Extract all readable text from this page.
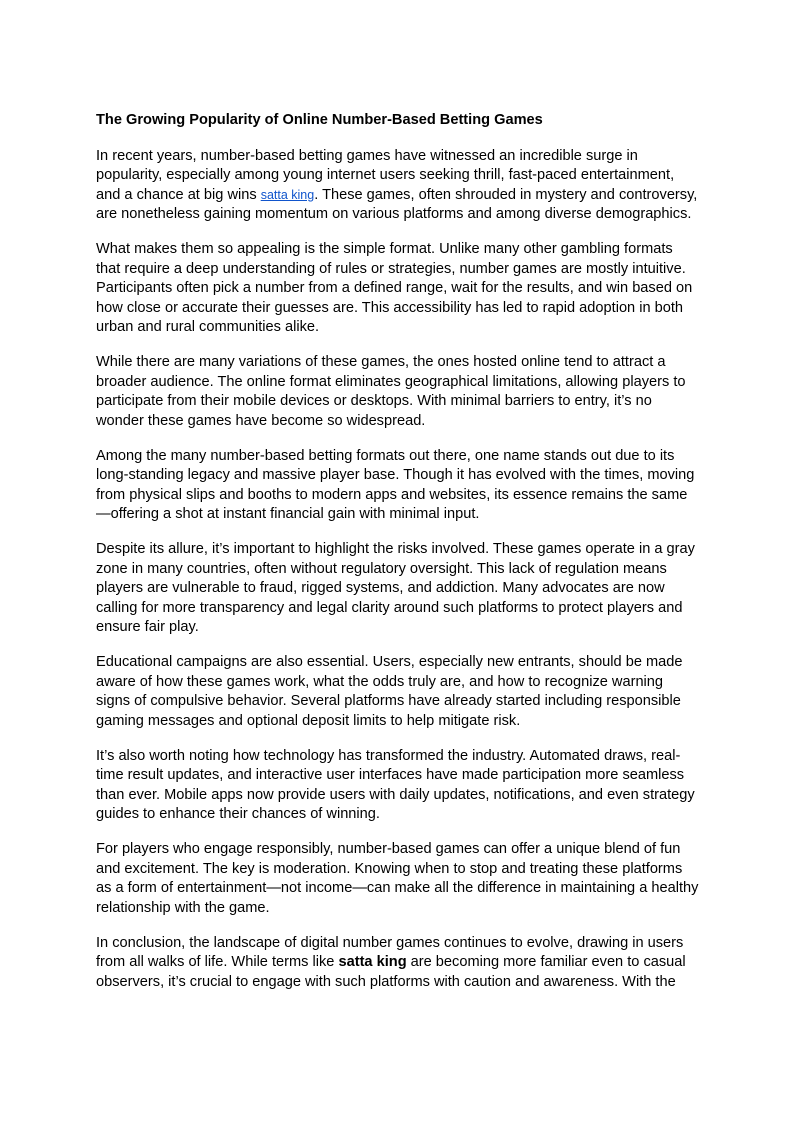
The Growing Popularity of Online Number-Based Betting Games

In recent years, number-based betting games have witnessed an incredible surge in popularity, especially among young internet users seeking thrill, fast-paced entertainment, and a chance at big wins satta king. These games, often shrouded in mystery and controversy, are nonetheless gaining momentum on various platforms and among diverse demographics.

What makes them so appealing is the simple format. Unlike many other gambling formats that require a deep understanding of rules or strategies, number games are mostly intuitive. Participants often pick a number from a defined range, wait for the results, and win based on how close or accurate their guesses are. This accessibility has led to rapid adoption in both urban and rural communities alike.

While there are many variations of these games, the ones hosted online tend to attract a broader audience. The online format eliminates geographical limitations, allowing players to participate from their mobile devices or desktops. With minimal barriers to entry, it’s no wonder these games have become so widespread.

Among the many number-based betting formats out there, one name stands out due to its long-standing legacy and massive player base. Though it has evolved with the times, moving from physical slips and booths to modern apps and websites, its essence remains the same—offering a shot at instant financial gain with minimal input.

Despite its allure, it’s important to highlight the risks involved. These games operate in a gray zone in many countries, often without regulatory oversight. This lack of regulation means players are vulnerable to fraud, rigged systems, and addiction. Many advocates are now calling for more transparency and legal clarity around such platforms to protect players and ensure fair play.

Educational campaigns are also essential. Users, especially new entrants, should be made aware of how these games work, what the odds truly are, and how to recognize warning signs of compulsive behavior. Several platforms have already started including responsible gaming messages and optional deposit limits to help mitigate risk.

It’s also worth noting how technology has transformed the industry. Automated draws, real-time result updates, and interactive user interfaces have made participation more seamless than ever. Mobile apps now provide users with daily updates, notifications, and even strategy guides to enhance their chances of winning.

For players who engage responsibly, number-based games can offer a unique blend of fun and excitement. The key is moderation. Knowing when to stop and treating these platforms as a form of entertainment—not income—can make all the difference in maintaining a healthy relationship with the game.

In conclusion, the landscape of digital number games continues to evolve, drawing in users from all walks of life. While terms like satta king are becoming more familiar even to casual observers, it’s crucial to engage with such platforms with caution and awareness. With the
